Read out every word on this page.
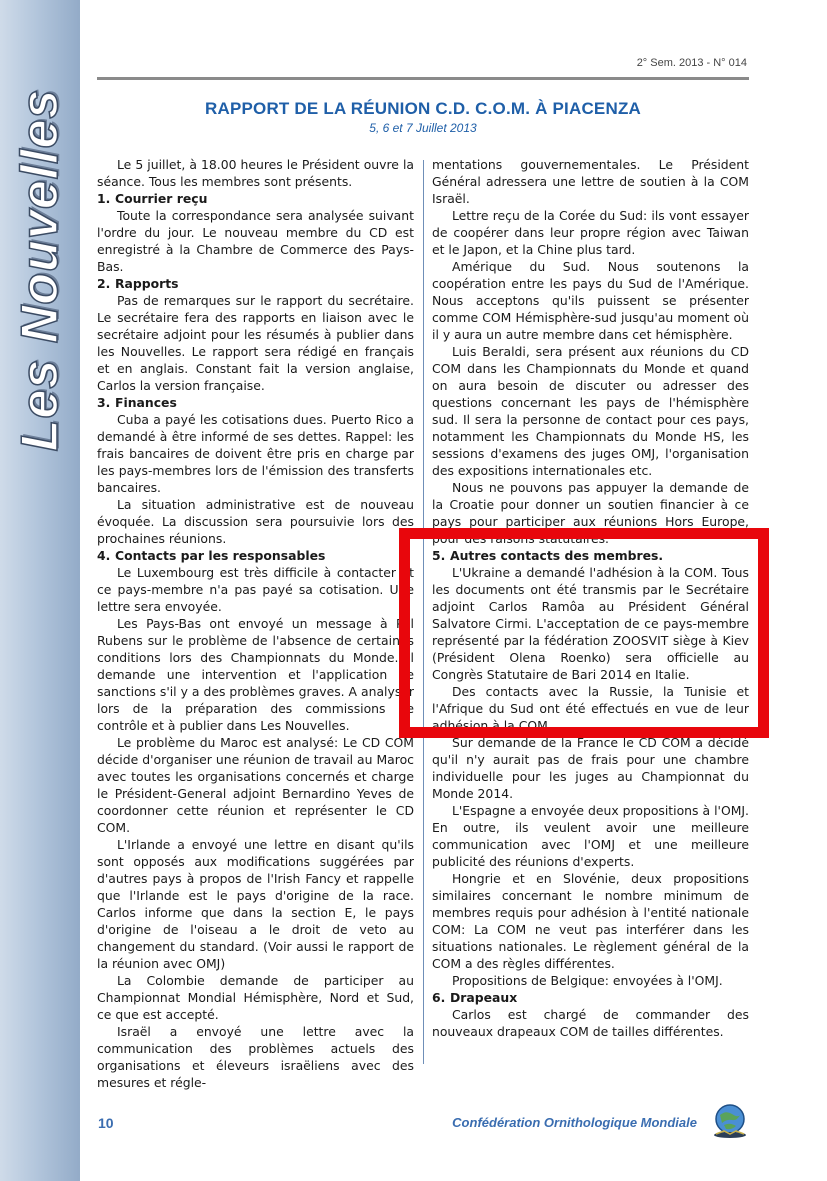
Les Nouvelles
2° Sem. 2013 - N° 014
RAPPORT DE LA RÉUNION C.D. C.O.M. À PIACENZA
5, 6 et 7 Juillet 2013

Le 5 juillet, à 18.00 heures le Président ouvre la séance. Tous les membres sont présents.

1. Courrier reçu

Toute la correspondance sera analysée suivant l'ordre du jour. Le nouveau membre du CD est enregistré à la Chambre de Commerce des Pays-Bas.

2. Rapports

Pas de remarques sur le rapport du secrétaire. Le secrétaire fera des rapports en liaison avec le secrétaire adjoint pour les résumés à publier dans les Nouvelles. Le rapport sera rédigé en français et en anglais. Constant fait la version anglaise, Carlos la version française.

3. Finances

Cuba a payé les cotisations dues. Puerto Rico a demandé à être informé de ses dettes. Rappel: les frais bancaires de doivent être pris en charge par les pays-membres lors de l'émission des transferts bancaires.

La situation administrative est de nouveau évoquée. La discussion sera poursuivie lors des prochaines réunions.

4. Contacts par les responsables

Le Luxembourg est très difficile à contacter et ce pays-membre n'a pas payé sa cotisation. Une lettre sera envoyée.

Les Pays-Bas ont envoyé un message à Pol Rubens sur le problème de l'absence de certaines conditions lors des Championnats du Monde. Il demande une intervention et l'application de sanctions s'il y a des problèmes graves. A analyser lors de la préparation des commissions de contrôle et à publier dans Les Nouvelles.

Le problème du Maroc est analysé: Le CD COM décide d'organiser une réunion de travail au Maroc avec toutes les organisations concernés et charge le Président-General adjoint Bernardino Yeves de coordonner cette réunion et représenter le CD COM.

L'Irlande a envoyé une lettre en disant qu'ils sont opposés aux modifications suggérées par d'autres pays à propos de l'Irish Fancy et rappelle que l'Irlande est le pays d'origine de la race. Carlos informe que dans la section E, le pays d'origine de l'oiseau a le droit de veto au changement du standard. (Voir aussi le rapport de la réunion avec OMJ)

La Colombie demande de participer au Championnat Mondial Hémisphère, Nord et Sud, ce que est accepté.

Israël a envoyé une lettre avec la communication des problèmes actuels des organisations et éleveurs israëliens avec des mesures et régle-

mentations gouvernementales. Le Président Général adressera une lettre de soutien à la COM Israël.

Lettre reçu de la Corée du Sud: ils vont essayer de coopérer dans leur propre région avec Taiwan et le Japon, et la Chine plus tard.

Amérique du Sud. Nous soutenons la coopération entre les pays du Sud de l'Amérique. Nous acceptons qu'ils puissent se présenter comme COM Hémisphère-sud jusqu'au moment où il y aura un autre membre dans cet hémisphère.

Luis Beraldi, sera présent aux réunions du CD COM dans les Championnats du Monde et quand on aura besoin de discuter ou adresser des questions concernant les pays de l'hémisphère sud. Il sera la personne de contact pour ces pays, notamment les Championnats du Monde HS, les sessions d'examens des juges OMJ, l'organisation des expositions internationales etc.

Nous ne pouvons pas appuyer la demande de la Croatie pour donner un soutien financier à ce pays pour participer aux réunions Hors Europe, pour des raisons statutaires.

5. Autres contacts des membres.

L'Ukraine a demandé l'adhésion à la COM. Tous les documents ont été transmis par le Secrétaire adjoint Carlos Ramôa au Président Général Salvatore Cirmi. L'acceptation de ce pays-membre représenté par la fédération ZOOSVIT siège à Kiev (Président Olena Roenko) sera officielle au Congrès Statutaire de Bari 2014 en Italie.

Des contacts avec la Russie, la Tunisie et l'Afrique du Sud ont été effectués en vue de leur adhésion à la COM

Sur demande de la France le CD COM a décidé qu'il n'y aurait pas de frais pour une chambre individuelle pour les juges au Championnat du Monde 2014.

L'Espagne a envoyée deux propositions à l'OMJ. En outre, ils veulent avoir une meilleure communication avec l'OMJ et une meilleure publicité des réunions d'experts.

Hongrie et en Slovénie, deux propositions similaires concernant le nombre minimum de membres requis pour adhésion à l'entité nationale COM: La COM ne veut pas interférer dans les situations nationales. Le règlement général de la COM a des règles différentes.

Propositions de Belgique: envoyées à l'OMJ.

6. Drapeaux

Carlos est chargé de commander des nouveaux drapeaux COM de tailles différentes.

10	Confédération Ornithologique Mondiale
